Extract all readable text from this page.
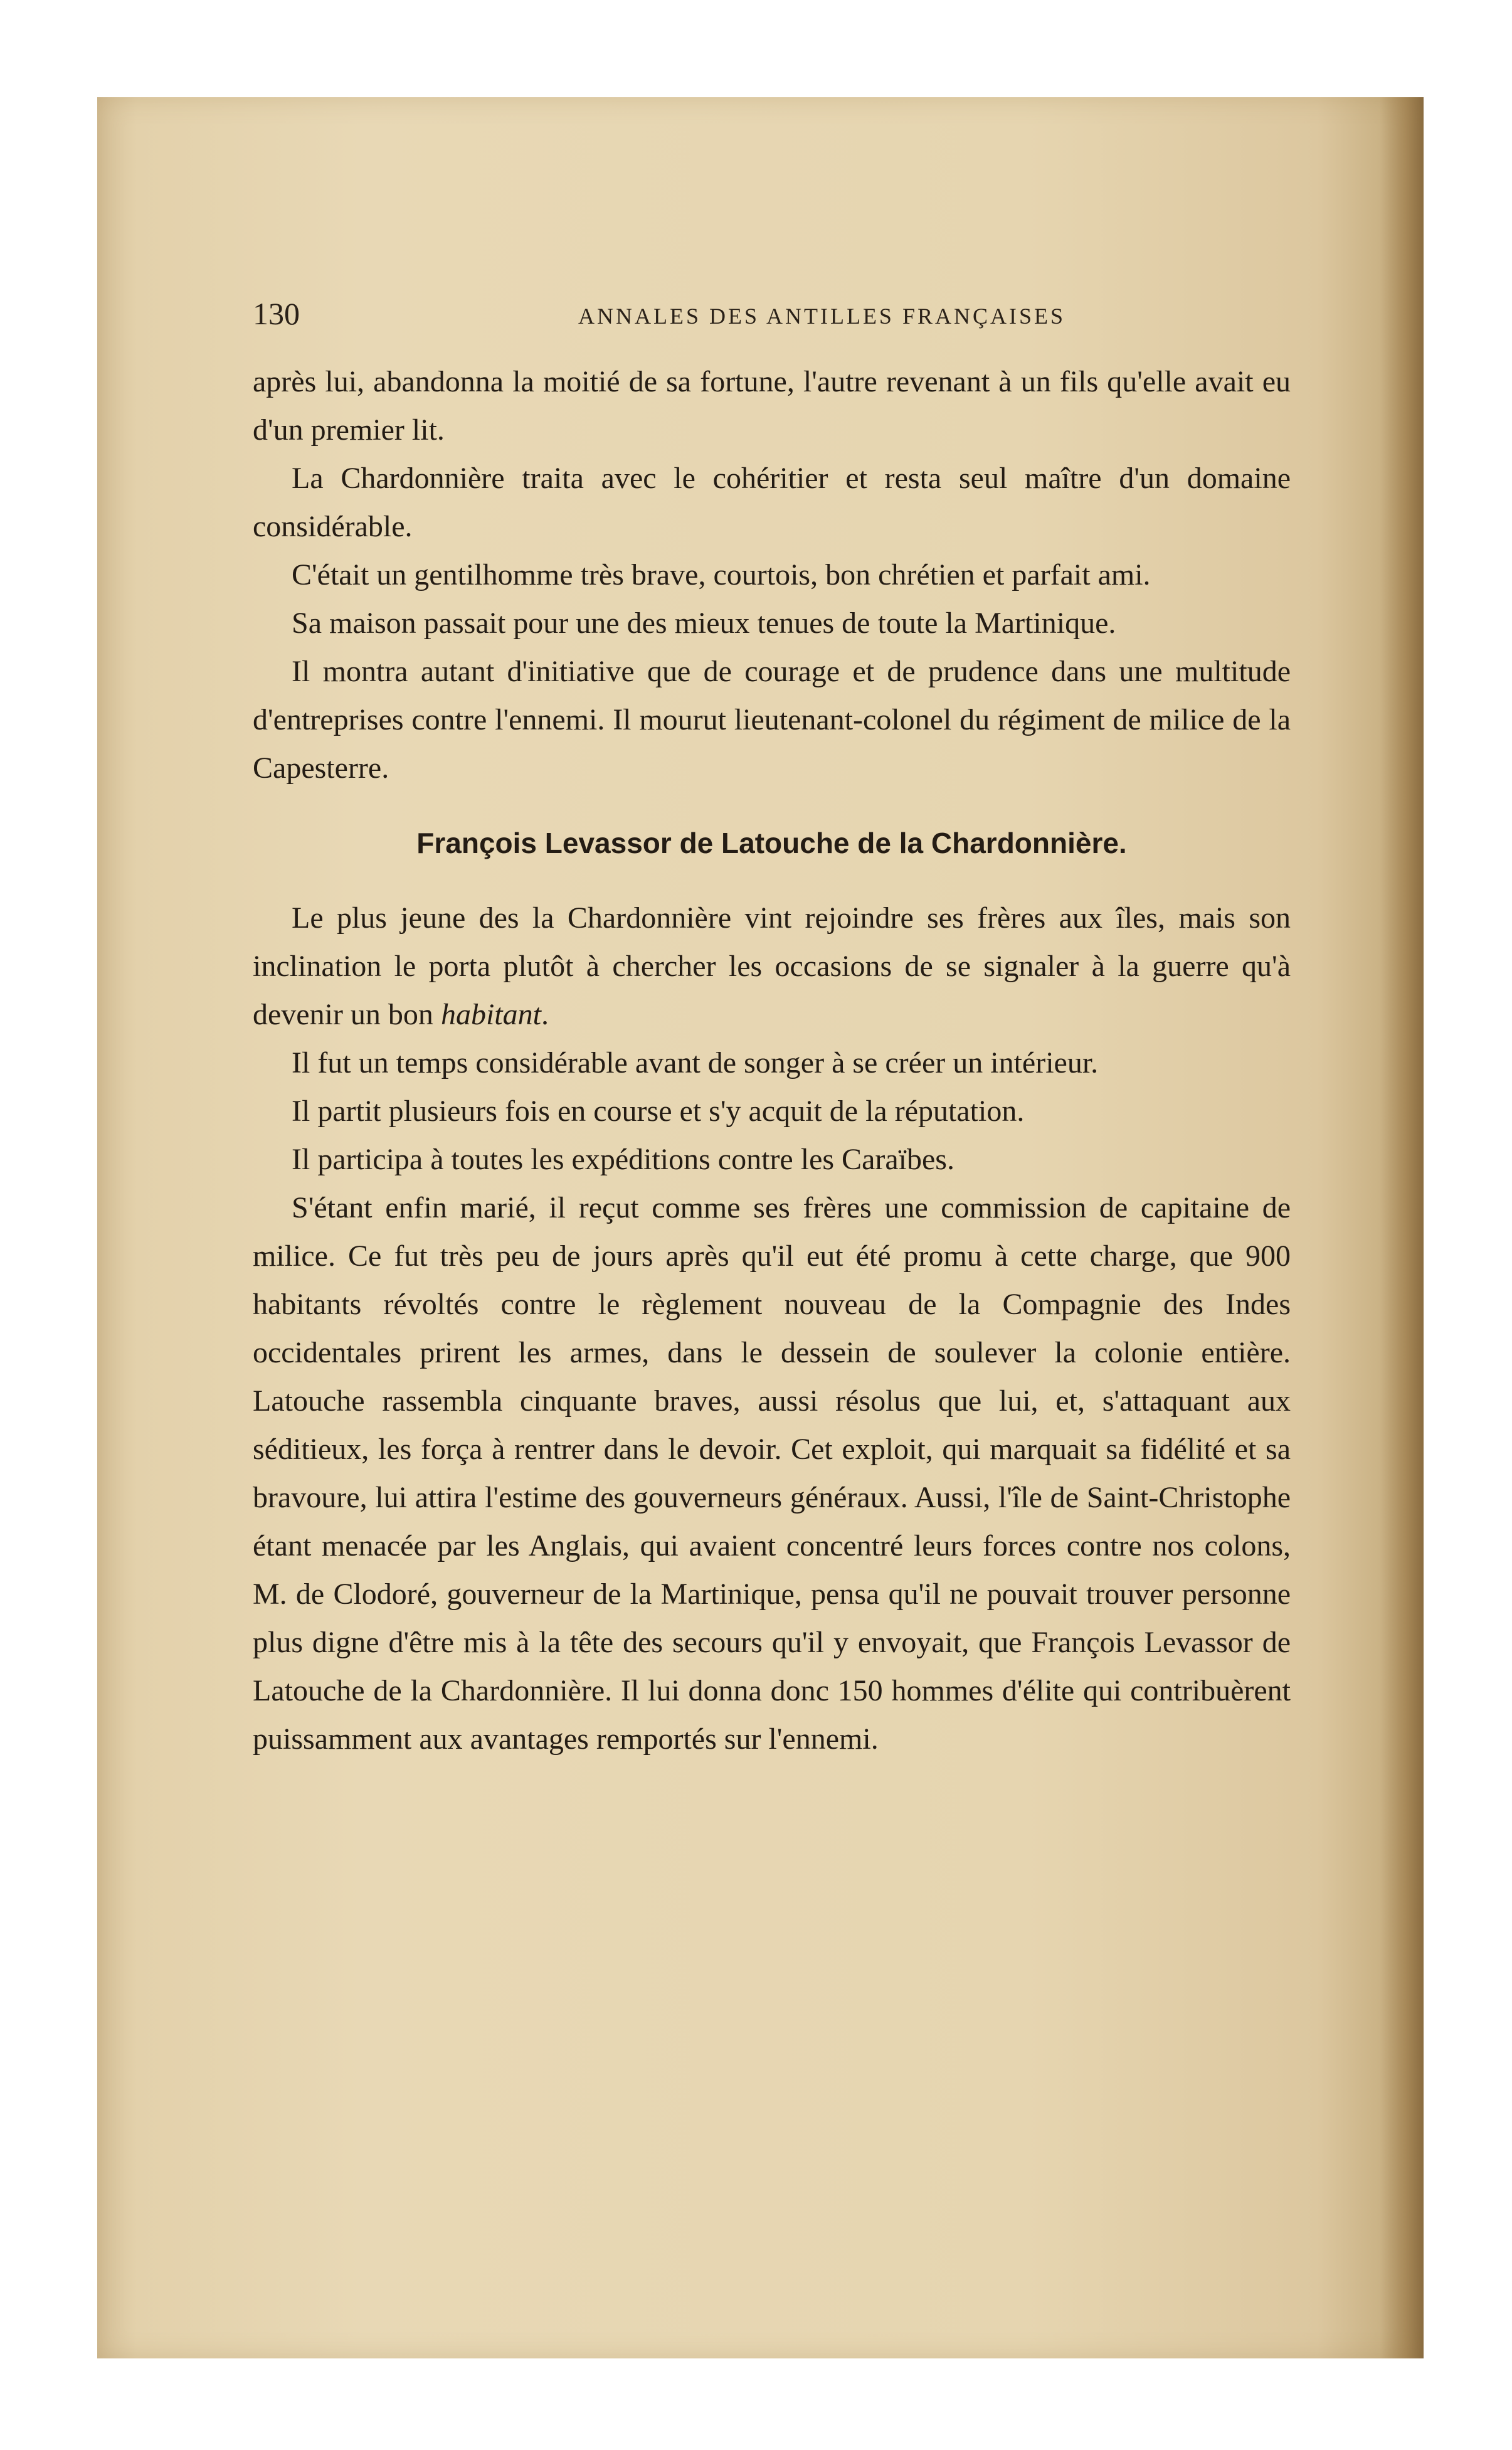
130	ANNALES DES ANTILLES FRANÇAISES

après lui, abandonna la moitié de sa fortune, l'autre revenant à un fils qu'elle avait eu d'un premier lit.

La Chardonnière traita avec le cohéritier et resta seul maître d'un domaine considérable.

C'était un gentilhomme très brave, courtois, bon chrétien et parfait ami.

Sa maison passait pour une des mieux tenues de toute la Martinique.

Il montra autant d'initiative que de courage et de prudence dans une multitude d'entreprises contre l'ennemi. Il mourut lieutenant-colonel du régiment de milice de la Capesterre.

François Levassor de Latouche de la Chardonnière.

Le plus jeune des la Chardonnière vint rejoindre ses frères aux îles, mais son inclination le porta plutôt à chercher les occasions de se signaler à la guerre qu'à devenir un bon habitant.

Il fut un temps considérable avant de songer à se créer un intérieur.

Il partit plusieurs fois en course et s'y acquit de la réputation.

Il participa à toutes les expéditions contre les Caraïbes.

S'étant enfin marié, il reçut comme ses frères une commission de capitaine de milice. Ce fut très peu de jours après qu'il eut été promu à cette charge, que 900 habitants révoltés contre le règlement nouveau de la Compagnie des Indes occidentales prirent les armes, dans le dessein de soulever la colonie entière. Latouche rassembla cinquante braves, aussi résolus que lui, et, s'attaquant aux séditieux, les força à rentrer dans le devoir. Cet exploit, qui marquait sa fidélité et sa bravoure, lui attira l'estime des gouverneurs généraux. Aussi, l'île de Saint-Christophe étant menacée par les Anglais, qui avaient concentré leurs forces contre nos colons, M. de Clodoré, gouverneur de la Martinique, pensa qu'il ne pouvait trouver personne plus digne d'être mis à la tête des secours qu'il y envoyait, que François Levassor de Latouche de la Chardonnière. Il lui donna donc 150 hommes d'élite qui contribuèrent puissamment aux avantages remportés sur l'ennemi.
